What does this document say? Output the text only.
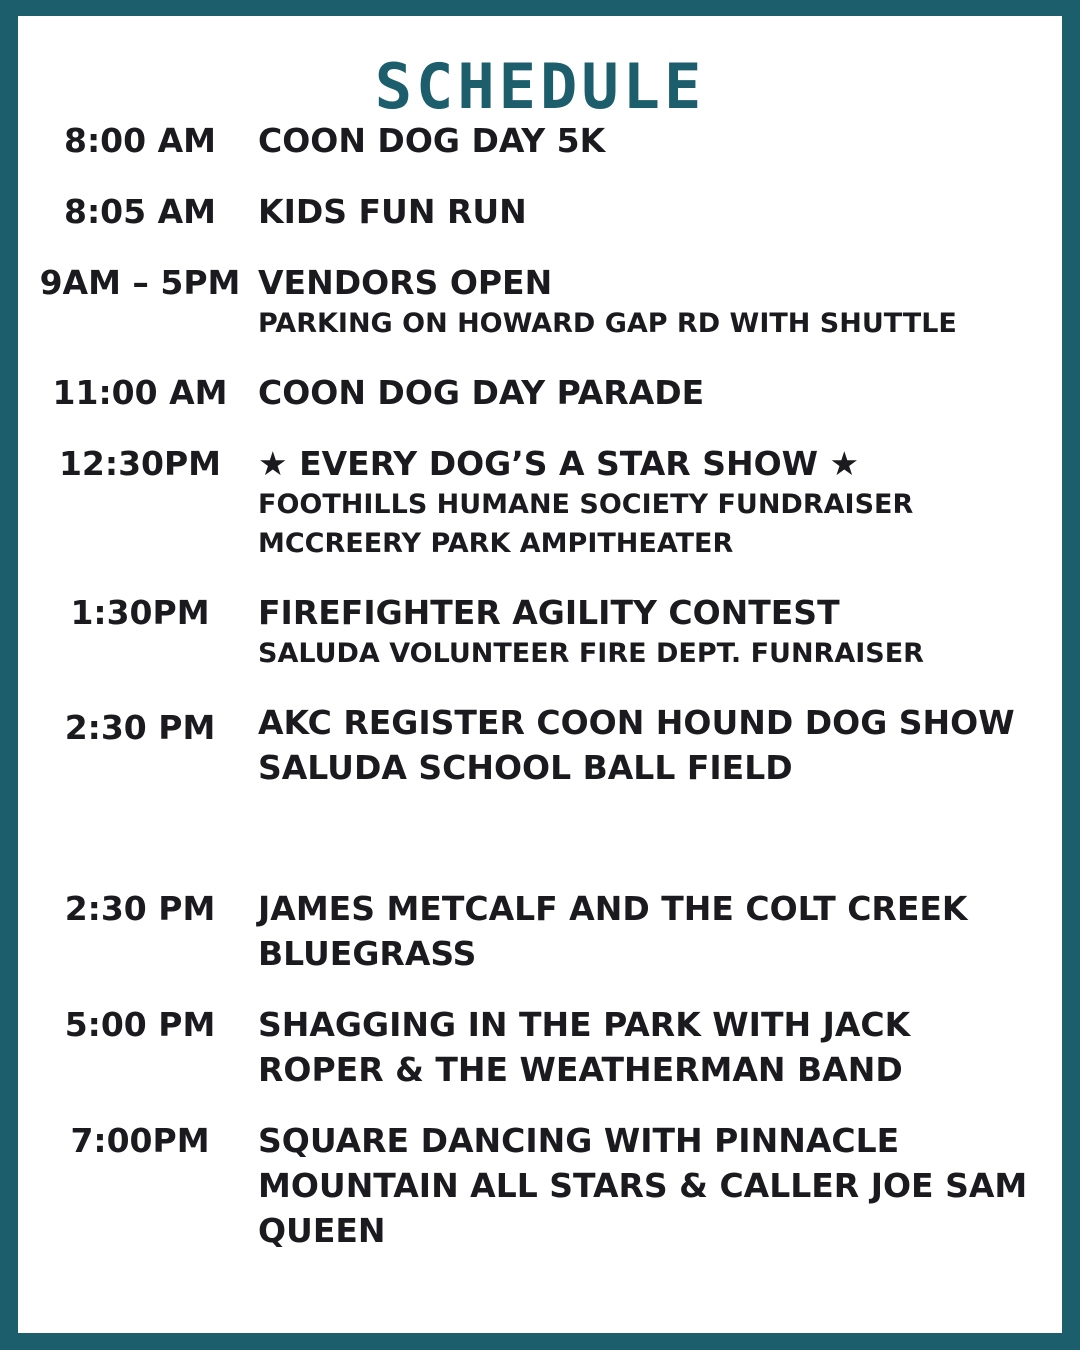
SCHEDULE
8:00 AM	COON DOG DAY 5K
8:05 AM	KIDS FUN RUN
9AM – 5PM VENDORS OPEN
PARKING ON HOWARD GAP RD WITH SHUTTLE
11:00 AM COON DOG DAY PARADE
12:30PM	★ EVERY DOG’S A STAR SHOW ★
FOOTHILLS HUMANE SOCIETY FUNDRAISER
MCCREERY PARK AMPITHEATER
1:30PM	FIREFIGHTER AGILITY CONTEST
SALUDA VOLUNTEER FIRE DEPT. FUNRAISER
2:30 PM	AKC REGISTER COON HOUND DOG SHOW
SALUDA SCHOOL BALL FIELD
2:30 PM	JAMES METCALF AND THE COLT CREEK
BLUEGRASS
5:00 PM	SHAGGING IN THE PARK WITH JACK
ROPER & THE WEATHERMAN BAND
7:00PM	SQUARE DANCING WITH PINNACLE
MOUNTAIN ALL STARS & CALLER JOE SAM
QUEEN
